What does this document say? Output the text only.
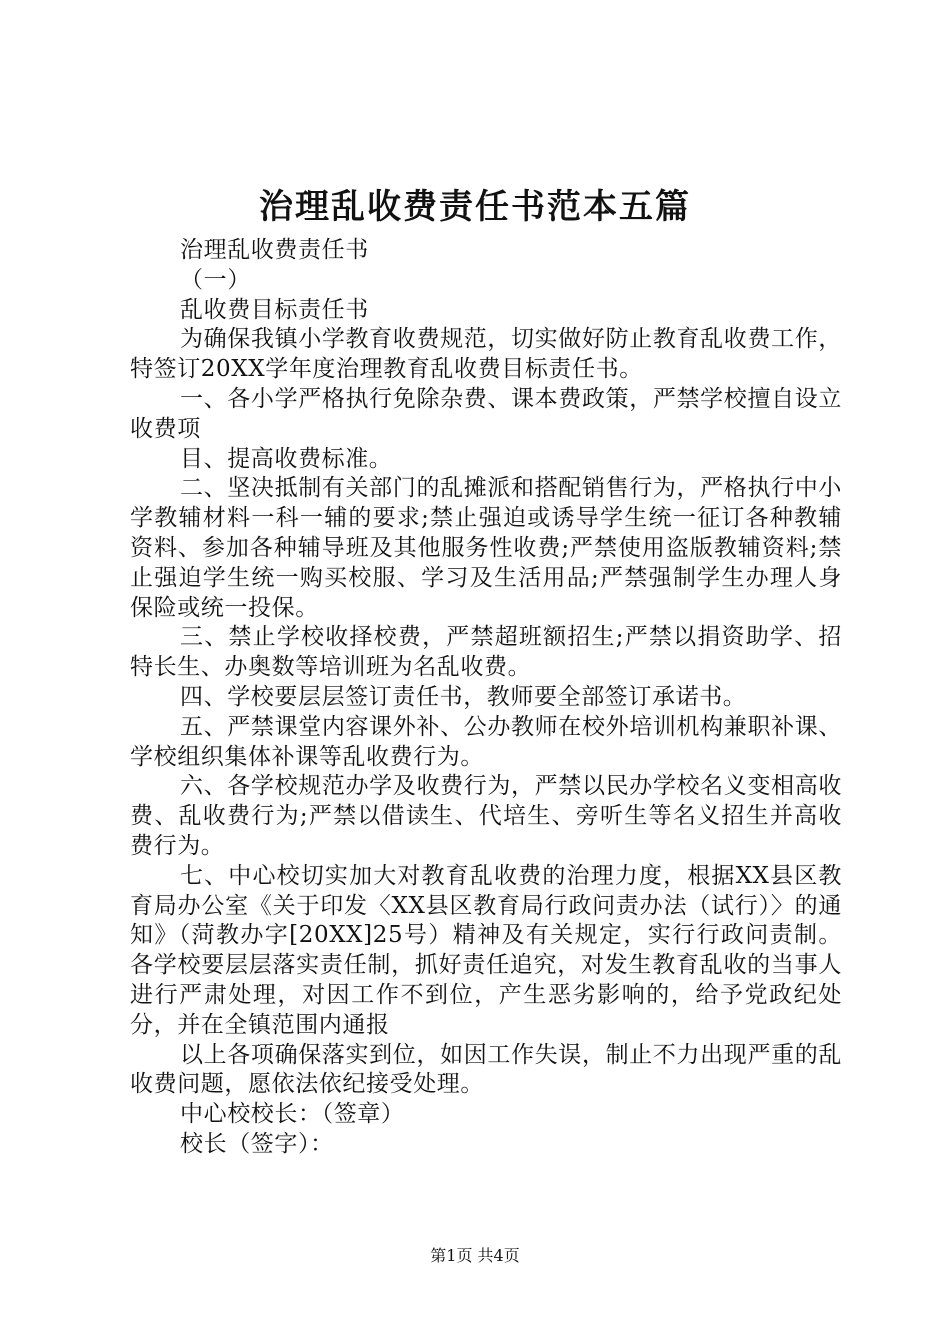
治理乱收费责任书范本五篇

治理乱收费责任书

（一）

乱收费目标责任书

为确保我镇小学教育收费规范，切实做好防止教育乱收费工作，特签订20XX学年度治理教育乱收费目标责任书。

一、各小学严格执行免除杂费、课本费政策，严禁学校擅自设立收费项

目、提高收费标准。

二、坚决抵制有关部门的乱摊派和搭配销售行为，严格执行中小学教辅材料一科一辅的要求;禁止强迫或诱导学生统一征订各种教辅资料、参加各种辅导班及其他服务性收费;严禁使用盗版教辅资料;禁止强迫学生统一购买校服、学习及生活用品;严禁强制学生办理人身保险或统一投保。

三、禁止学校收择校费，严禁超班额招生;严禁以捐资助学、招特长生、办奥数等培训班为名乱收费。

四、学校要层层签订责任书，教师要全部签订承诺书。

五、严禁课堂内容课外补、公办教师在校外培训机构兼职补课、学校组织集体补课等乱收费行为。

六、各学校规范办学及收费行为，严禁以民办学校名义变相高收费、乱收费行为;严禁以借读生、代培生、旁听生等名义招生并高收费行为。

七、中心校切实加大对教育乱收费的治理力度，根据XX县区教育局办公室《关于印发〈XX县区教育局行政问责办法（试行）〉的通知》（菏教办字[20XX]25号）精神及有关规定，实行行政问责制。各学校要层层落实责任制，抓好责任追究，对发生教育乱收的当事人进行严肃处理，对因工作不到位，产生恶劣影响的，给予党政纪处分，并在全镇范围内通报

以上各项确保落实到位，如因工作失误，制止不力出现严重的乱收费问题，愿依法依纪接受处理。

中心校校长：（签章）

校长（签字）：

第1页 共4页
